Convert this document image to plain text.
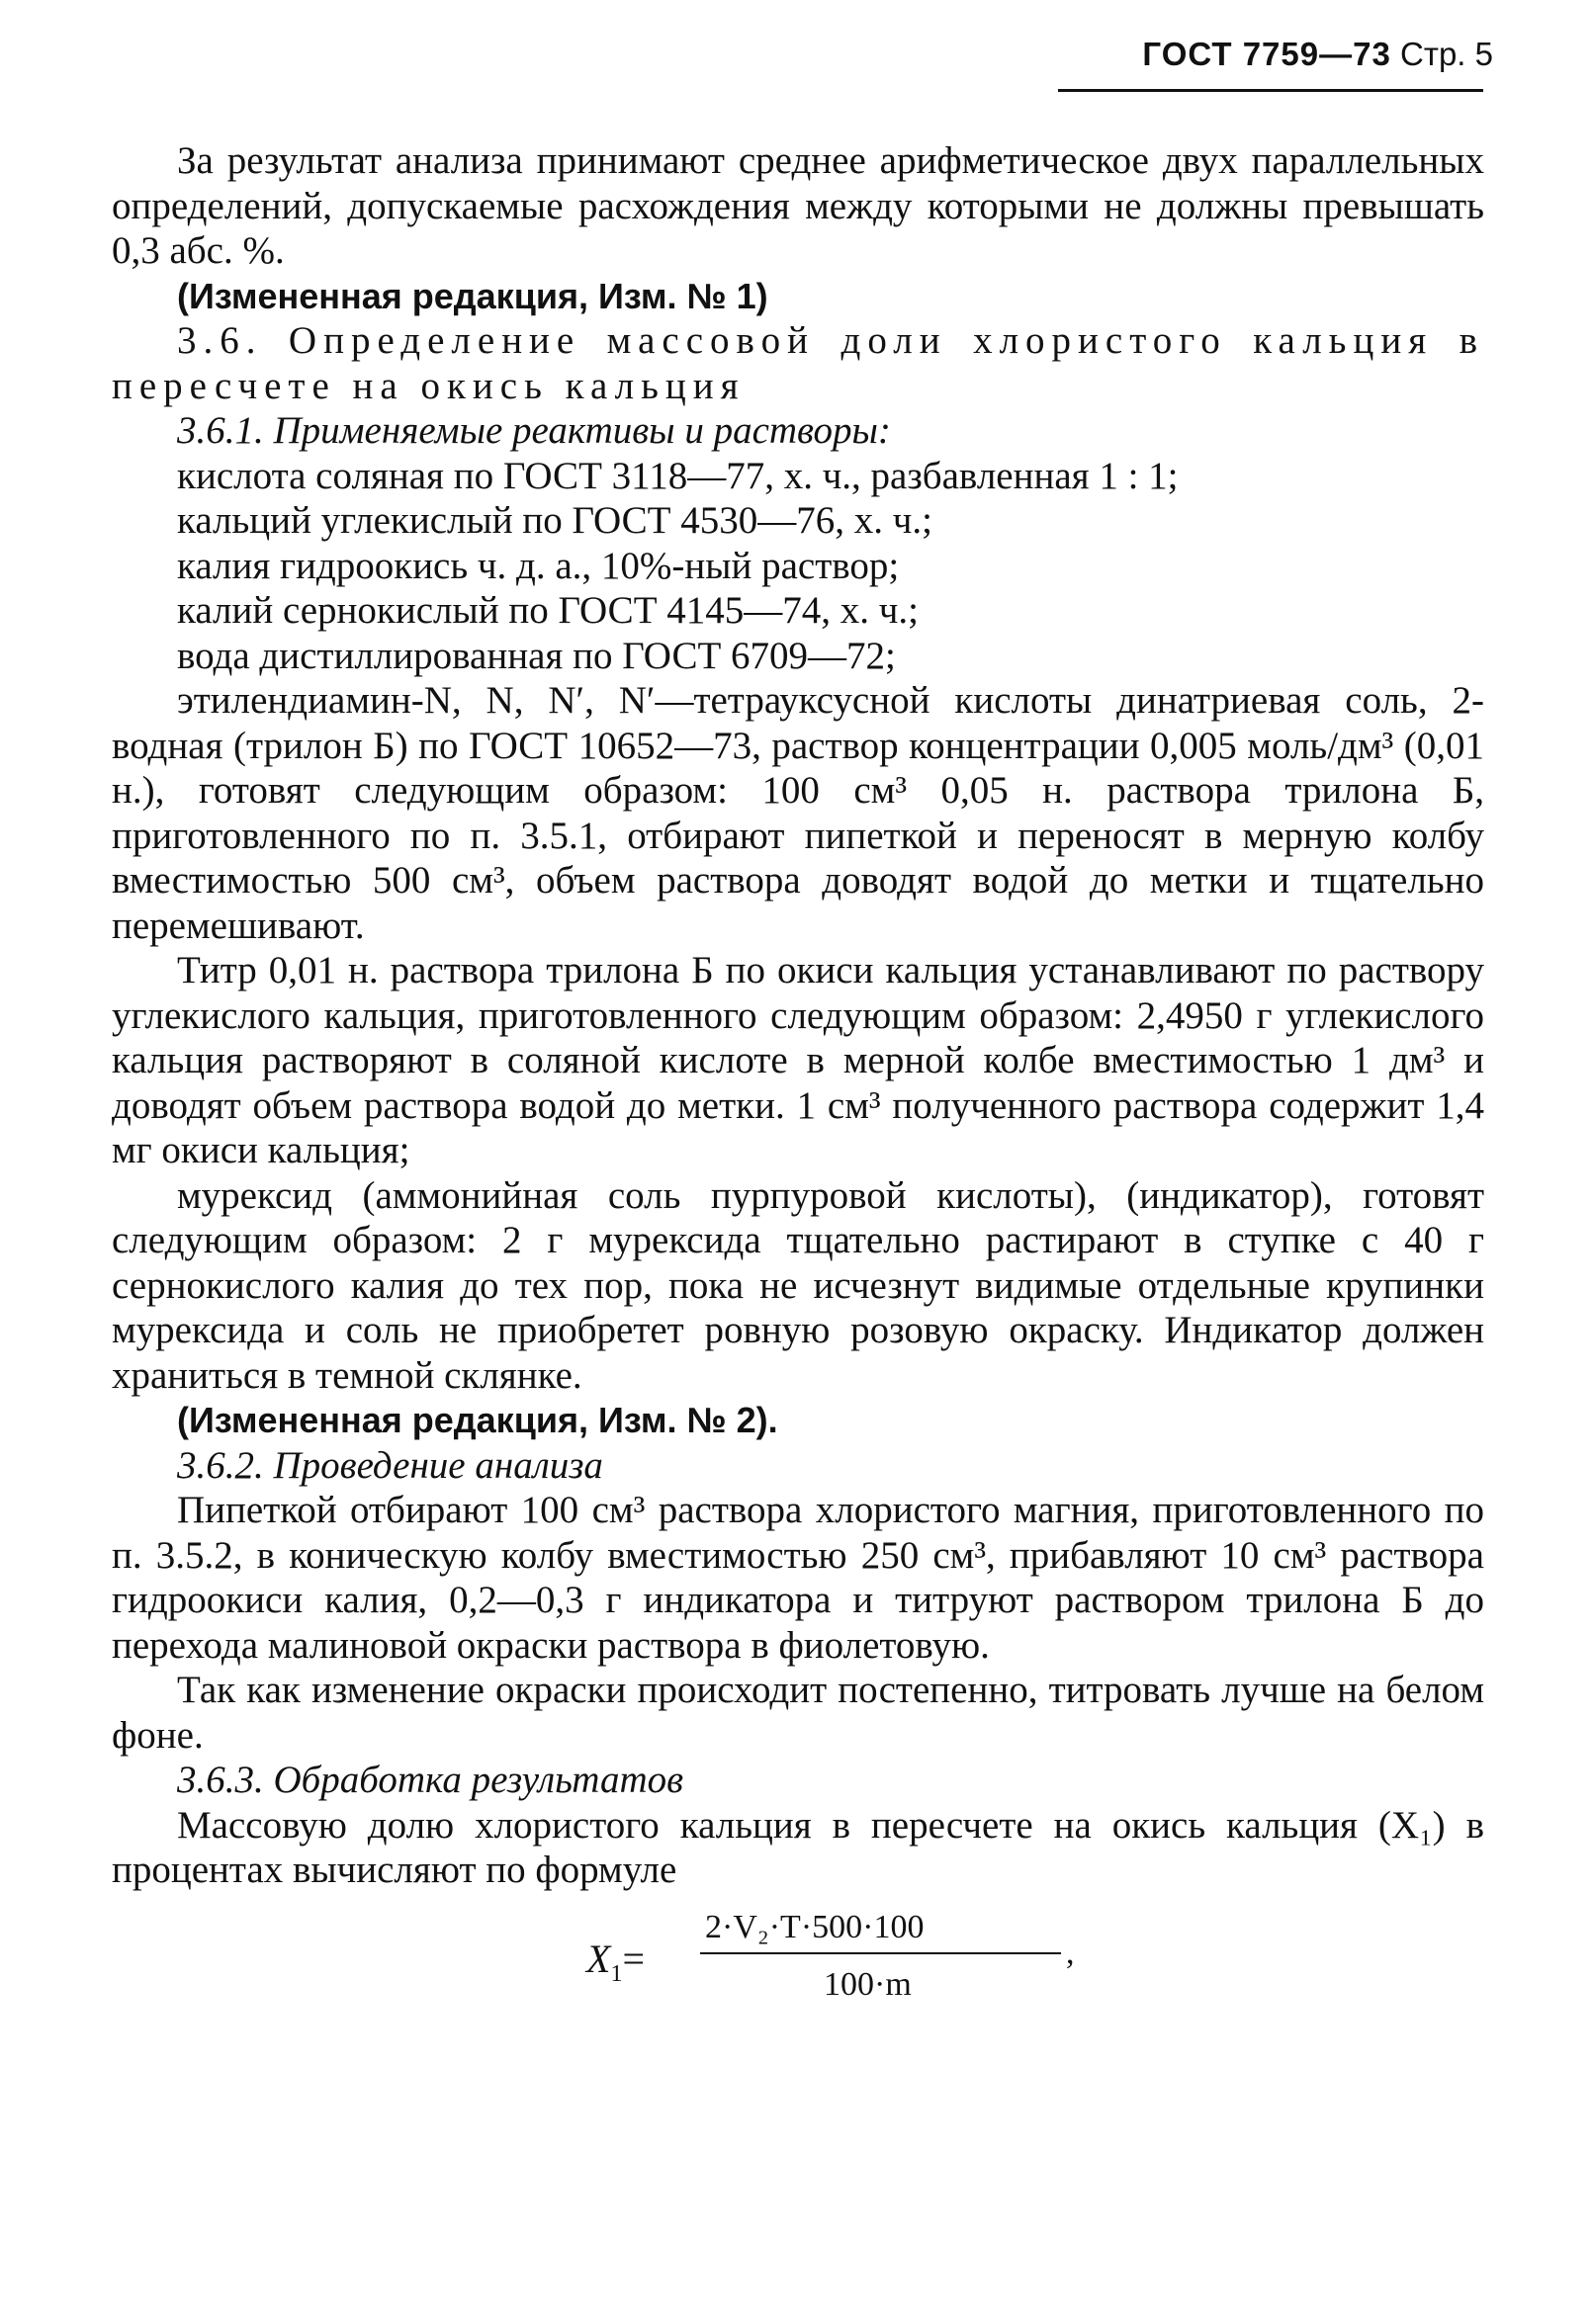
ГОСТ 7759—73 Стр. 5

За результат анализа принимают среднее арифметическое двух параллельных определений, допускаемые расхождения между которыми не должны превышать 0,3 абс. %.

(Измененная редакция, Изм. № 1)

3.6. Определение массовой доли хлористого кальция в пересчете на окись кальция

3.6.1. Применяемые реактивы и растворы:

кислота соляная по ГОСТ 3118—77, х. ч., разбавленная 1 : 1;

кальций углекислый по ГОСТ 4530—76, х. ч.;

калия гидроокись ч. д. а., 10%-ный раствор;

калий сернокислый по ГОСТ 4145—74, х. ч.;

вода дистиллированная по ГОСТ 6709—72;

этилендиамин-N, N, N′, N′—тетрауксусной кислоты динатриевая соль, 2-водная (трилон Б) по ГОСТ 10652—73, раствор концентрации 0,005 моль/дм³ (0,01 н.), готовят следующим образом: 100 см³ 0,05 н. раствора трилона Б, приготовленного по п. 3.5.1, отбирают пипеткой и переносят в мерную колбу вместимостью 500 см³, объем раствора доводят водой до метки и тщательно перемешивают.

Титр 0,01 н. раствора трилона Б по окиси кальция устанавливают по раствору углекислого кальция, приготовленного следующим образом: 2,4950 г углекислого кальция растворяют в соляной кислоте в мерной колбе вместимостью 1 дм³ и доводят объем раствора водой до метки. 1 см³ полученного раствора содержит 1,4 мг окиси кальция;

мурексид (аммонийная соль пурпуровой кислоты), (индикатор), готовят следующим образом: 2 г мурексида тщательно растирают в ступке с 40 г сернокислого калия до тех пор, пока не исчезнут видимые отдельные крупинки мурексида и соль не приобретет ровную розовую окраску. Индикатор должен храниться в темной склянке.

(Измененная редакция, Изм. № 2).

3.6.2. Проведение анализа

Пипеткой отбирают 100 см³ раствора хлористого магния, приготовленного по п. 3.5.2, в коническую колбу вместимостью 250 см³, прибавляют 10 см³ раствора гидроокиси калия, 0,2—0,3 г индикатора и титруют раствором трилона Б до перехода малиновой окраски раствора в фиолетовую.

Так как изменение окраски происходит постепенно, титровать лучше на белом фоне.

3.6.3. Обработка результатов

Массовую долю хлористого кальция в пересчете на окись кальция (X₁) в процентах вычисляют по формуле

$X_1=$
2·V₂·T·500·100
100·m
,
